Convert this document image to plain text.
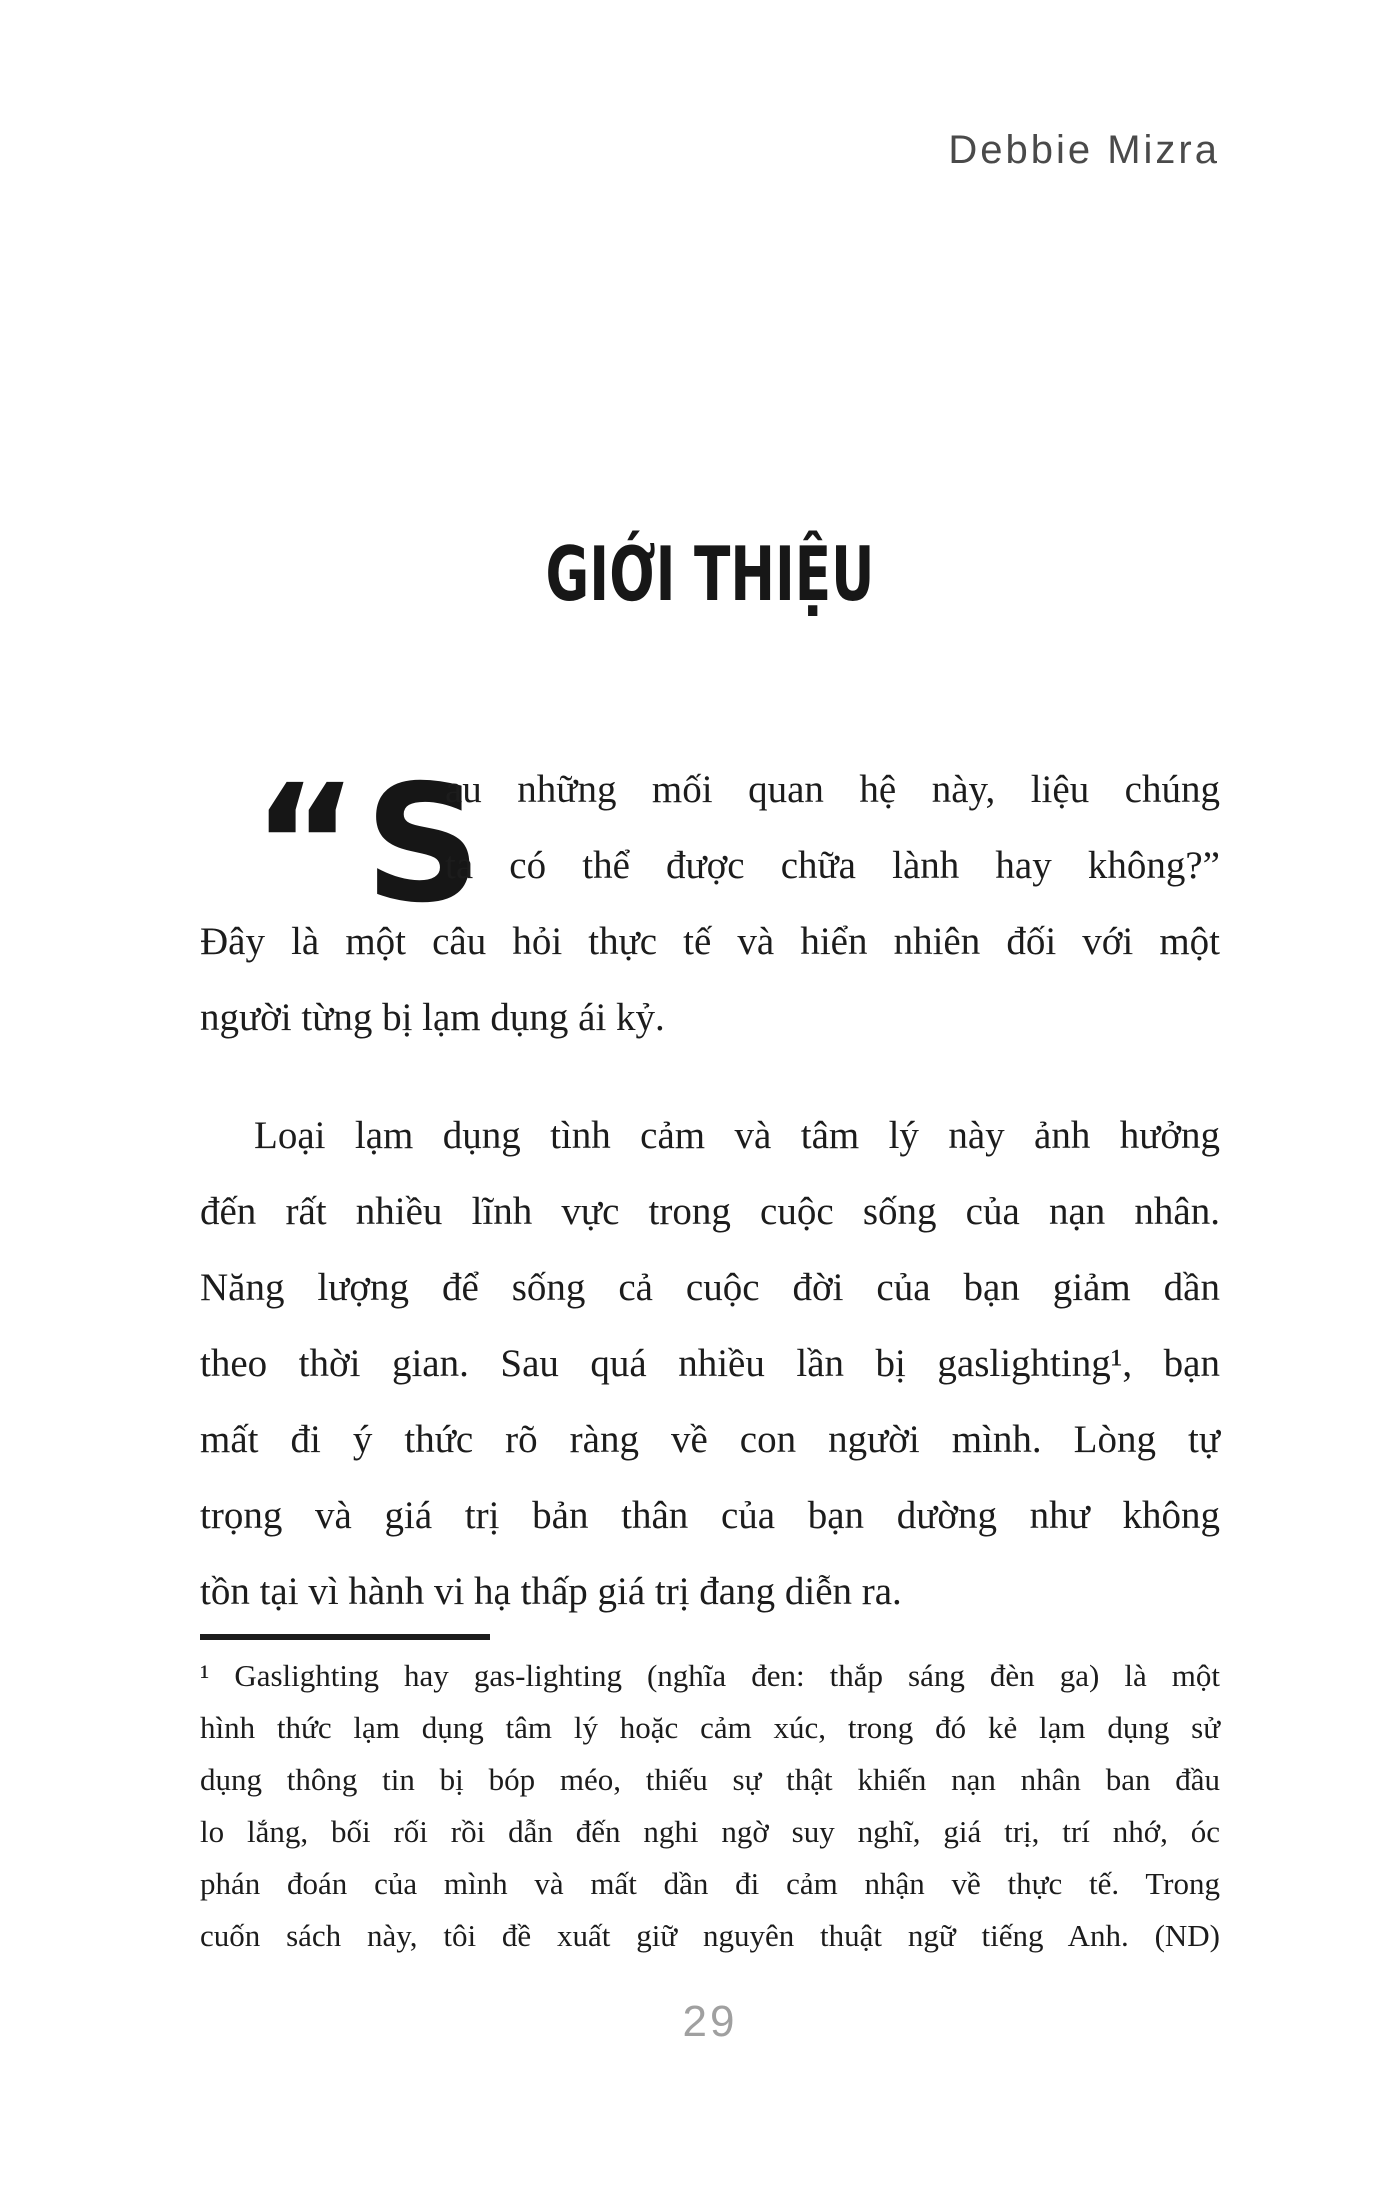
Debbie Mizra
GIỚI THIỆU
“S
au những mối quan hệ này, liệu chúng
ta có thể được chữa lành hay không?”
Đây là một câu hỏi thực tế và hiển nhiên đối với một
người từng bị lạm dụng ái kỷ.
Loại lạm dụng tình cảm và tâm lý này ảnh hưởng
đến rất nhiều lĩnh vực trong cuộc sống của nạn nhân.
Năng lượng để sống cả cuộc đời của bạn giảm dần
theo thời gian. Sau quá nhiều lần bị gaslighting¹, bạn
mất đi ý thức rõ ràng về con người mình. Lòng tự
trọng và giá trị bản thân của bạn dường như không
tồn tại vì hành vi hạ thấp giá trị đang diễn ra.
¹ Gaslighting hay gas-lighting (nghĩa đen: thắp sáng đèn ga) là một
hình thức lạm dụng tâm lý hoặc cảm xúc, trong đó kẻ lạm dụng sử
dụng thông tin bị bóp méo, thiếu sự thật khiến nạn nhân ban đầu
lo lắng, bối rối rồi dẫn đến nghi ngờ suy nghĩ, giá trị, trí nhớ, óc
phán đoán của mình và mất dần đi cảm nhận về thực tế. Trong
cuốn sách này, tôi đề xuất giữ nguyên thuật ngữ tiếng Anh. (ND)
29
